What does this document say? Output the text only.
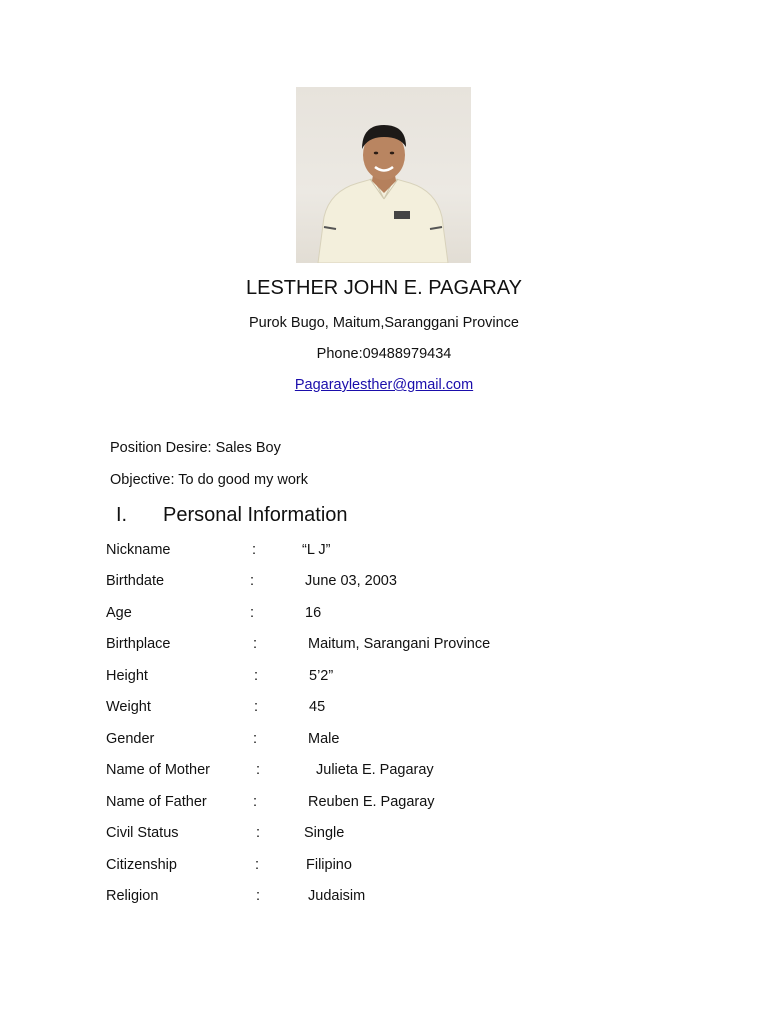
LESTHER JOHN E. PAGARAY
Purok Bugo, Maitum,Saranggani Province
Phone:09488979434
Pagaraylesther@gmail.com
Position Desire: Sales Boy
Objective: To do good my work
I. Personal Information
Nickname	:	“L J”
Birthdate	:	June 03, 2003
Age	:	16
Birthplace	:	Maitum, Sarangani Province
Height	:	5’2”
Weight	:	45
Gender	:	Male
Name of Mother	:	Julieta E. Pagaray
Name of Father	:	Reuben E. Pagaray
Civil Status	:	Single
Citizenship	:	Filipino
Religion	:	Judaisim
